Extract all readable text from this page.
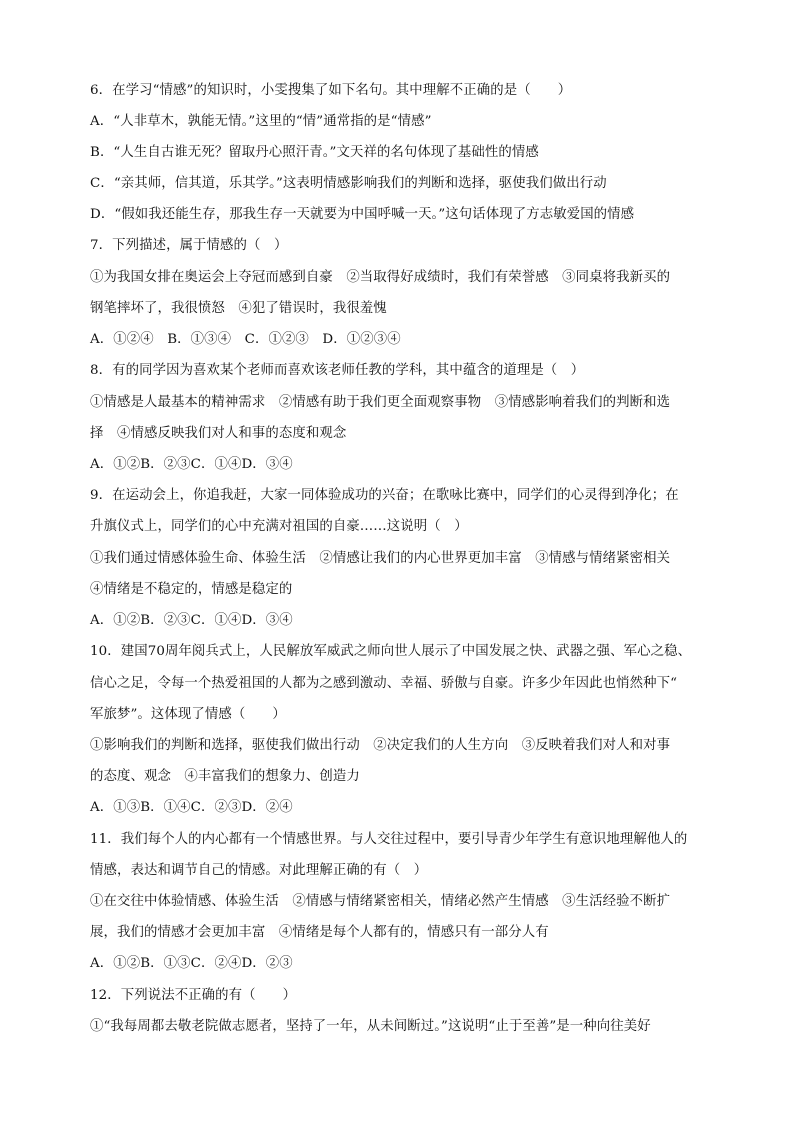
6．在学习“情感”的知识时，小雯搜集了如下名句。其中理解不正确的是（　　）
A．“人非草木，孰能无情。”这里的“情”通常指的是“情感”
B．“人生自古谁无死？留取丹心照汗青。”文天祥的名句体现了基础性的情感
C．“亲其师，信其道，乐其学。”这表明情感影响我们的判断和选择，驱使我们做出行动
D．“假如我还能生存，那我生存一天就要为中国呼喊一天。”这句话体现了方志敏爱国的情感
7．下列描述，属于情感的（　）
①为我国女排在奥运会上夺冠而感到自豪　②当取得好成绩时，我们有荣誉感　③同桌将我新买的
钢笔摔坏了，我很愤怒　④犯了错误时，我很羞愧
A．①②④　B．①③④　C．①②③　D．①②③④
8．有的同学因为喜欢某个老师而喜欢该老师任教的学科，其中蕴含的道理是（　）
①情感是人最基本的精神需求　②情感有助于我们更全面观察事物　③情感影响着我们的判断和选
择　④情感反映我们对人和事的态度和观念
A．①②B．②③C．①④D．③④
9．在运动会上，你追我赶，大家一同体验成功的兴奋；在歌咏比赛中，同学们的心灵得到净化；在
升旗仪式上，同学们的心中充满对祖国的自豪……这说明（　）
①我们通过情感体验生命、体验生活　②情感让我们的内心世界更加丰富　③情感与情绪紧密相关
④情绪是不稳定的，情感是稳定的
A．①②B．②③C．①④D．③④
10．建国70周年阅兵式上，人民解放军威武之师向世人展示了中国发展之快、武器之强、军心之稳、
信心之足，令每一个热爱祖国的人都为之感到激动、幸福、骄傲与自豪。许多少年因此也悄然种下“
军旅梦”。这体现了情感（　　）
①影响我们的判断和选择，驱使我们做出行动　②决定我们的人生方向　③反映着我们对人和对事
的态度、观念　④丰富我们的想象力、创造力
A．①③B．①④C．②③D．②④
11．我们每个人的内心都有一个情感世界。与人交往过程中，要引导青少年学生有意识地理解他人的
情感，表达和调节自己的情感。对此理解正确的有（　）
①在交往中体验情感、体验生活　②情感与情绪紧密相关，情绪必然产生情感　③生活经验不断扩
展，我们的情感才会更加丰富　④情绪是每个人都有的，情感只有一部分人有
A．①②B．①③C．②④D．②③
12．下列说法不正确的有（　　）
①“我每周都去敬老院做志愿者，坚持了一年，从未间断过。”这说明“止于至善”是一种向往美好
